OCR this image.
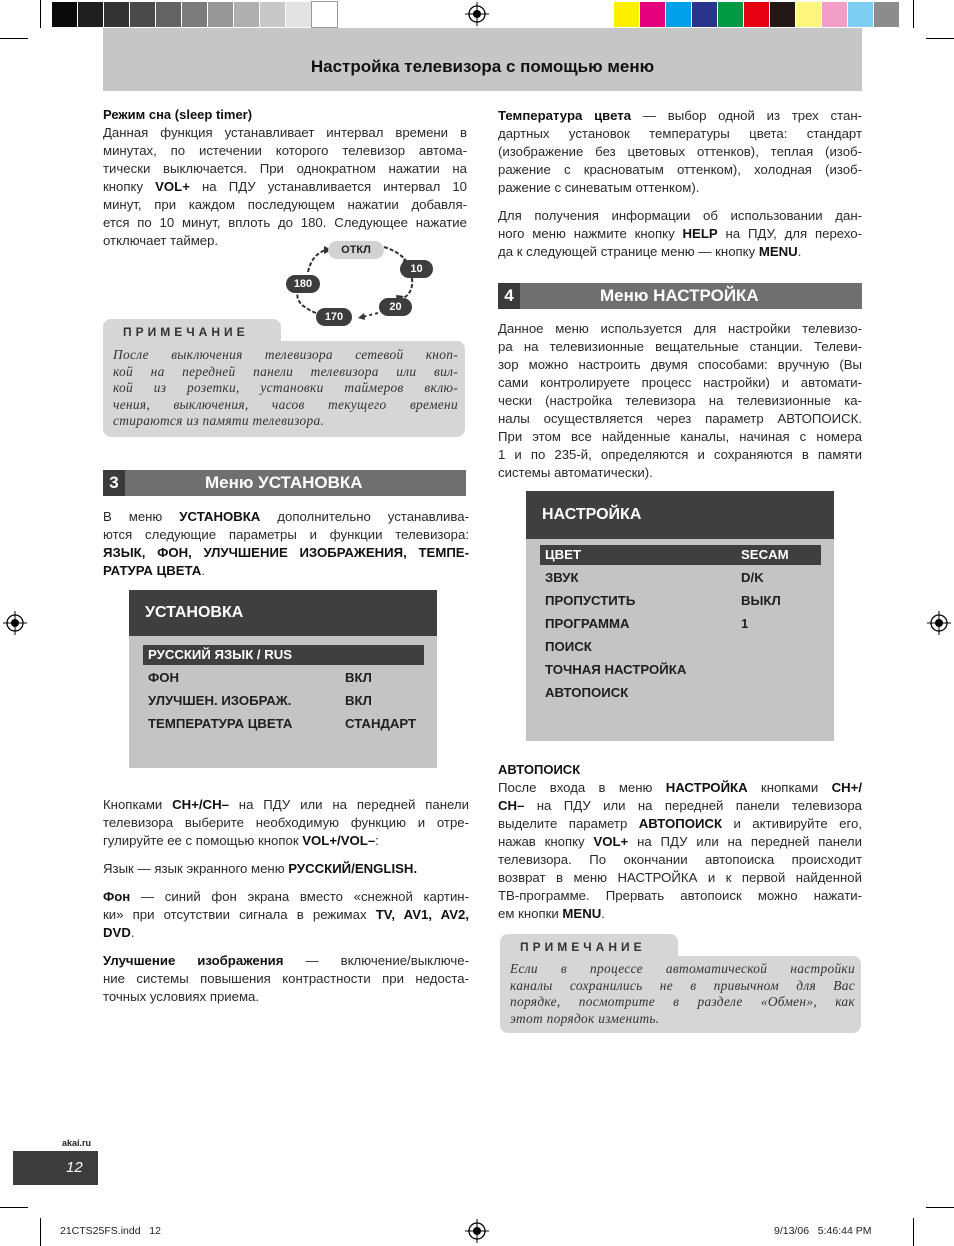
Настройка телевизора с помощью меню
Режим сна (sleep timer)
Данная функция устанавливает интервал времени в
минутах, по истечении которого телевизор автома-
тически выключается. При однократном нажатии на
кнопку VOL+ на ПДУ устанавливается интервал 10
минут, при каждом последующем нажатии добавля-
ется по 10 минут, вплоть до 180. Следующее нажатие
отключает таймер.
ОТКЛ
10
20
170
180
ПРИМЕЧАНИЕ
После выключения телевизора сетевой кноп-
кой на передней панели телевизора или вил-
кой из розетки, установки таймеров вклю-
чения, выключения, часов текущего времени
стираются из памяти телевизора.
3	Меню УСТАНОВКА
В меню УСТАНОВКА дополнительно устанавлива-
ются следующие параметры и функции телевизора:
ЯЗЫК, ФОН, УЛУЧШЕНИЕ ИЗОБРАЖЕНИЯ, ТЕМПЕ-
РАТУРА ЦВЕТА.
УСТАНОВКА
РУССКИЙ ЯЗЫК / RUS
ФОН	ВКЛ
УЛУЧШЕН. ИЗОБРАЖ.	ВКЛ
ТЕМПЕРАТУРА ЦВЕТА	СТАНДАРТ
Кнопками CH+/CH– на ПДУ или на передней панели
телевизора выберите необходимую функцию и отре-
гулируйте ее с помощью кнопок VOL+/VOL–:
Язык — язык экранного меню РУССКИЙ/ENGLISH.
Фон — синий фон экрана вместо «снежной картин-
ки» при отсутствии сигнала в режимах TV, AV1, AV2,
DVD.
Улучшение изображения — включение/выключе-
ние системы повышения контрастности при недоста-
точных условиях приема.
Температура цвета — выбор одной из трех стан-
дартных установок температуры цвета: стандарт
(изображение без цветовых оттенков), теплая (изоб-
ражение с красноватым оттенком), холодная (изоб-
ражение с синеватым оттенком).
Для получения информации об использовании дан-
ного меню нажмите кнопку HELP на ПДУ, для перехо-
да к следующей странице меню — кнопку MENU.
4	Меню НАСТРОЙКА
Данное меню используется для настройки телевизо-
ра на телевизионные вещательные станции. Телеви-
зор можно настроить двумя способами: вручную (Вы
сами контролируете процесс настройки) и автомати-
чески (настройка телевизора на телевизионные ка-
налы осуществляется через параметр АВТОПОИСК.
При этом все найденные каналы, начиная с номера
1 и по 235-й, определяются и сохраняются в памяти
системы автоматически).
НАСТРОЙКА
ЦВЕТ	SECAM
ЗВУК	D/K
ПРОПУСТИТЬ	ВЫКЛ
ПРОГРАММА	1
ПОИСК
ТОЧНАЯ НАСТРОЙКА
АВТОПОИСК
АВТОПОИСК
После входа в меню НАСТРОЙКА кнопками CH+/
CH– на ПДУ или на передней панели телевизора
выделите параметр АВТОПОИСК и активируйте его,
нажав кнопку VOL+ на ПДУ или на передней панели
телевизора. По окончании автопоиска происходит
возврат в меню НАСТРОЙКА и к первой найденной
ТВ-программе. Прервать автопоиск можно нажати-
ем кнопки MENU.
ПРИМЕЧАНИЕ
Если в процессе автоматической настройки
каналы сохранились не в привычном для Вас
порядке, посмотрите в разделе «Обмен», как
этот порядок изменить.
akai.ru
12
21CTS25FS.indd   12	9/13/06   5:46:44 PM
